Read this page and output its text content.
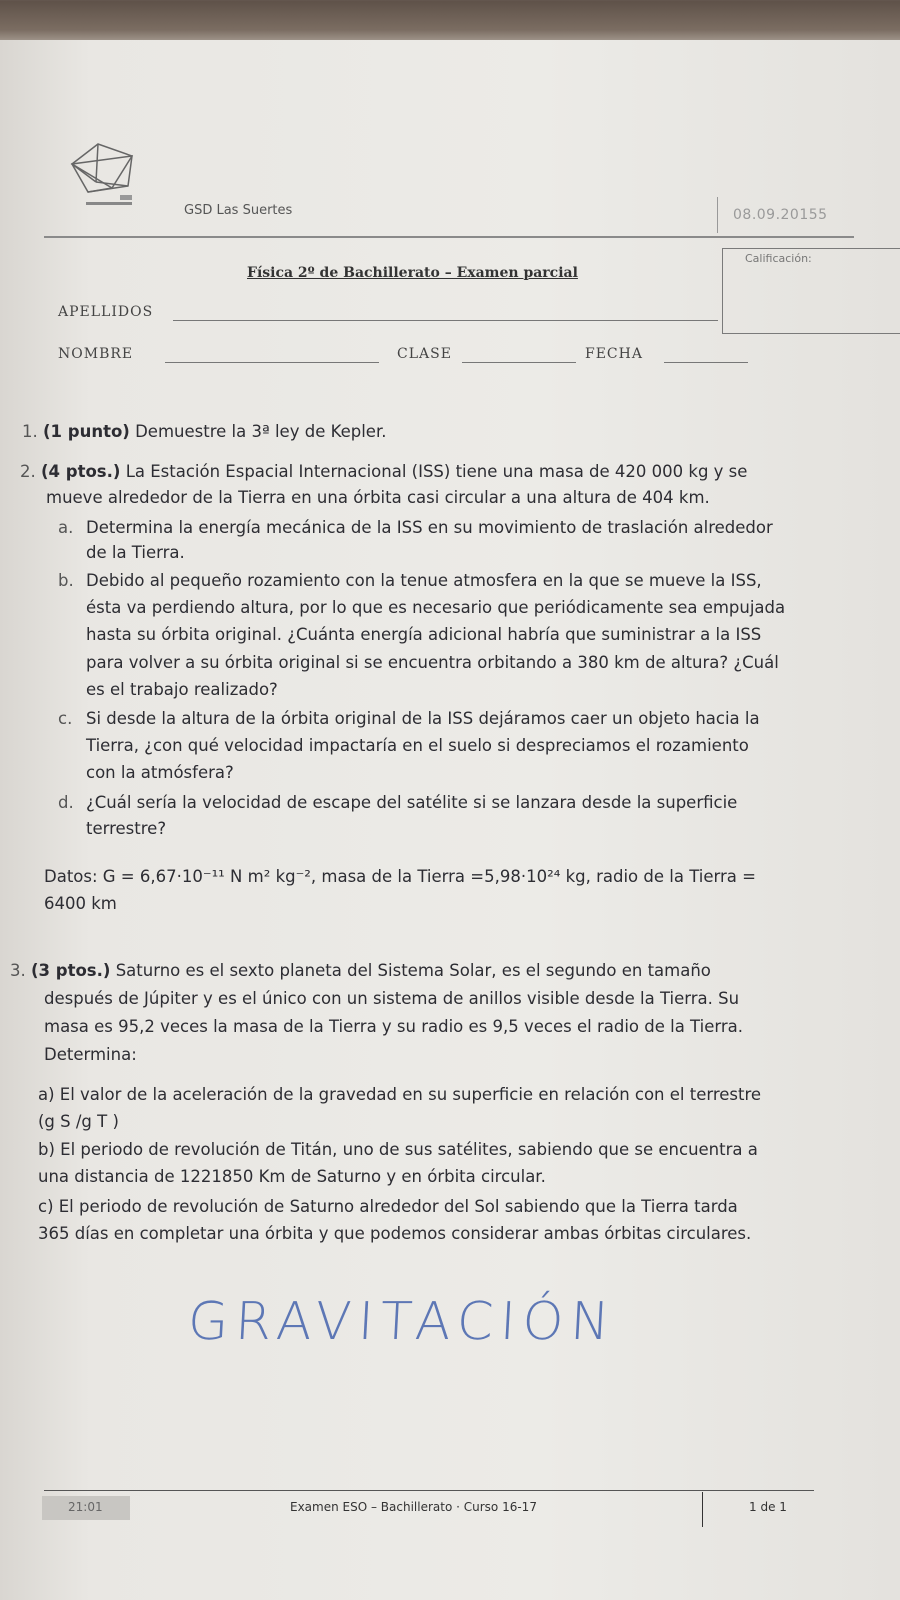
GSD Las Suertes	08.09.20155
Calificación:
Física 2º de Bachillerato – Examen parcial
APELLIDOS
NOMBRE	CLASE	FECHA
1. (1 punto) Demuestre la 3ª ley de Kepler.
2. (4 ptos.) La Estación Espacial Internacional (ISS) tiene una masa de 420 000 kg y se
mueve alrededor de la Tierra en una órbita casi circular a una altura de 404 km.
a. Determina la energía mecánica de la ISS en su movimiento de traslación alrededor
de la Tierra.
b. Debido al pequeño rozamiento con la tenue atmosfera en la que se mueve la ISS,
ésta va perdiendo altura, por lo que es necesario que periódicamente sea empujada
hasta su órbita original. ¿Cuánta energía adicional habría que suministrar a la ISS
para volver a su órbita original si se encuentra orbitando a 380 km de altura? ¿Cuál
es el trabajo realizado?
c. Si desde la altura de la órbita original de la ISS dejáramos caer un objeto hacia la
Tierra, ¿con qué velocidad impactaría en el suelo si despreciamos el rozamiento
con la atmósfera?
d. ¿Cuál sería la velocidad de escape del satélite si se lanzara desde la superficie
terrestre?
Datos: G = 6,67·10⁻¹¹ N m² kg⁻², masa de la Tierra =5,98·10²⁴ kg, radio de la Tierra =
6400 km
3. (3 ptos.) Saturno es el sexto planeta del Sistema Solar, es el segundo en tamaño
después de Júpiter y es el único con un sistema de anillos visible desde la Tierra. Su
masa es 95,2 veces la masa de la Tierra y su radio es 9,5 veces el radio de la Tierra.
Determina:
a) El valor de la aceleración de la gravedad en su superficie en relación con el terrestre
(g S /g T )
b) El periodo de revolución de Titán, uno de sus satélites, sabiendo que se encuentra a
una distancia de 1221850 Km de Saturno y en órbita circular.
c) El periodo de revolución de Saturno alrededor del Sol sabiendo que la Tierra tarda
365 días en completar una órbita y que podemos considerar ambas órbitas circulares.
GRAVITACIÓN
21:01	Examen ESO – Bachillerato · Curso 16-17	1 de 1
